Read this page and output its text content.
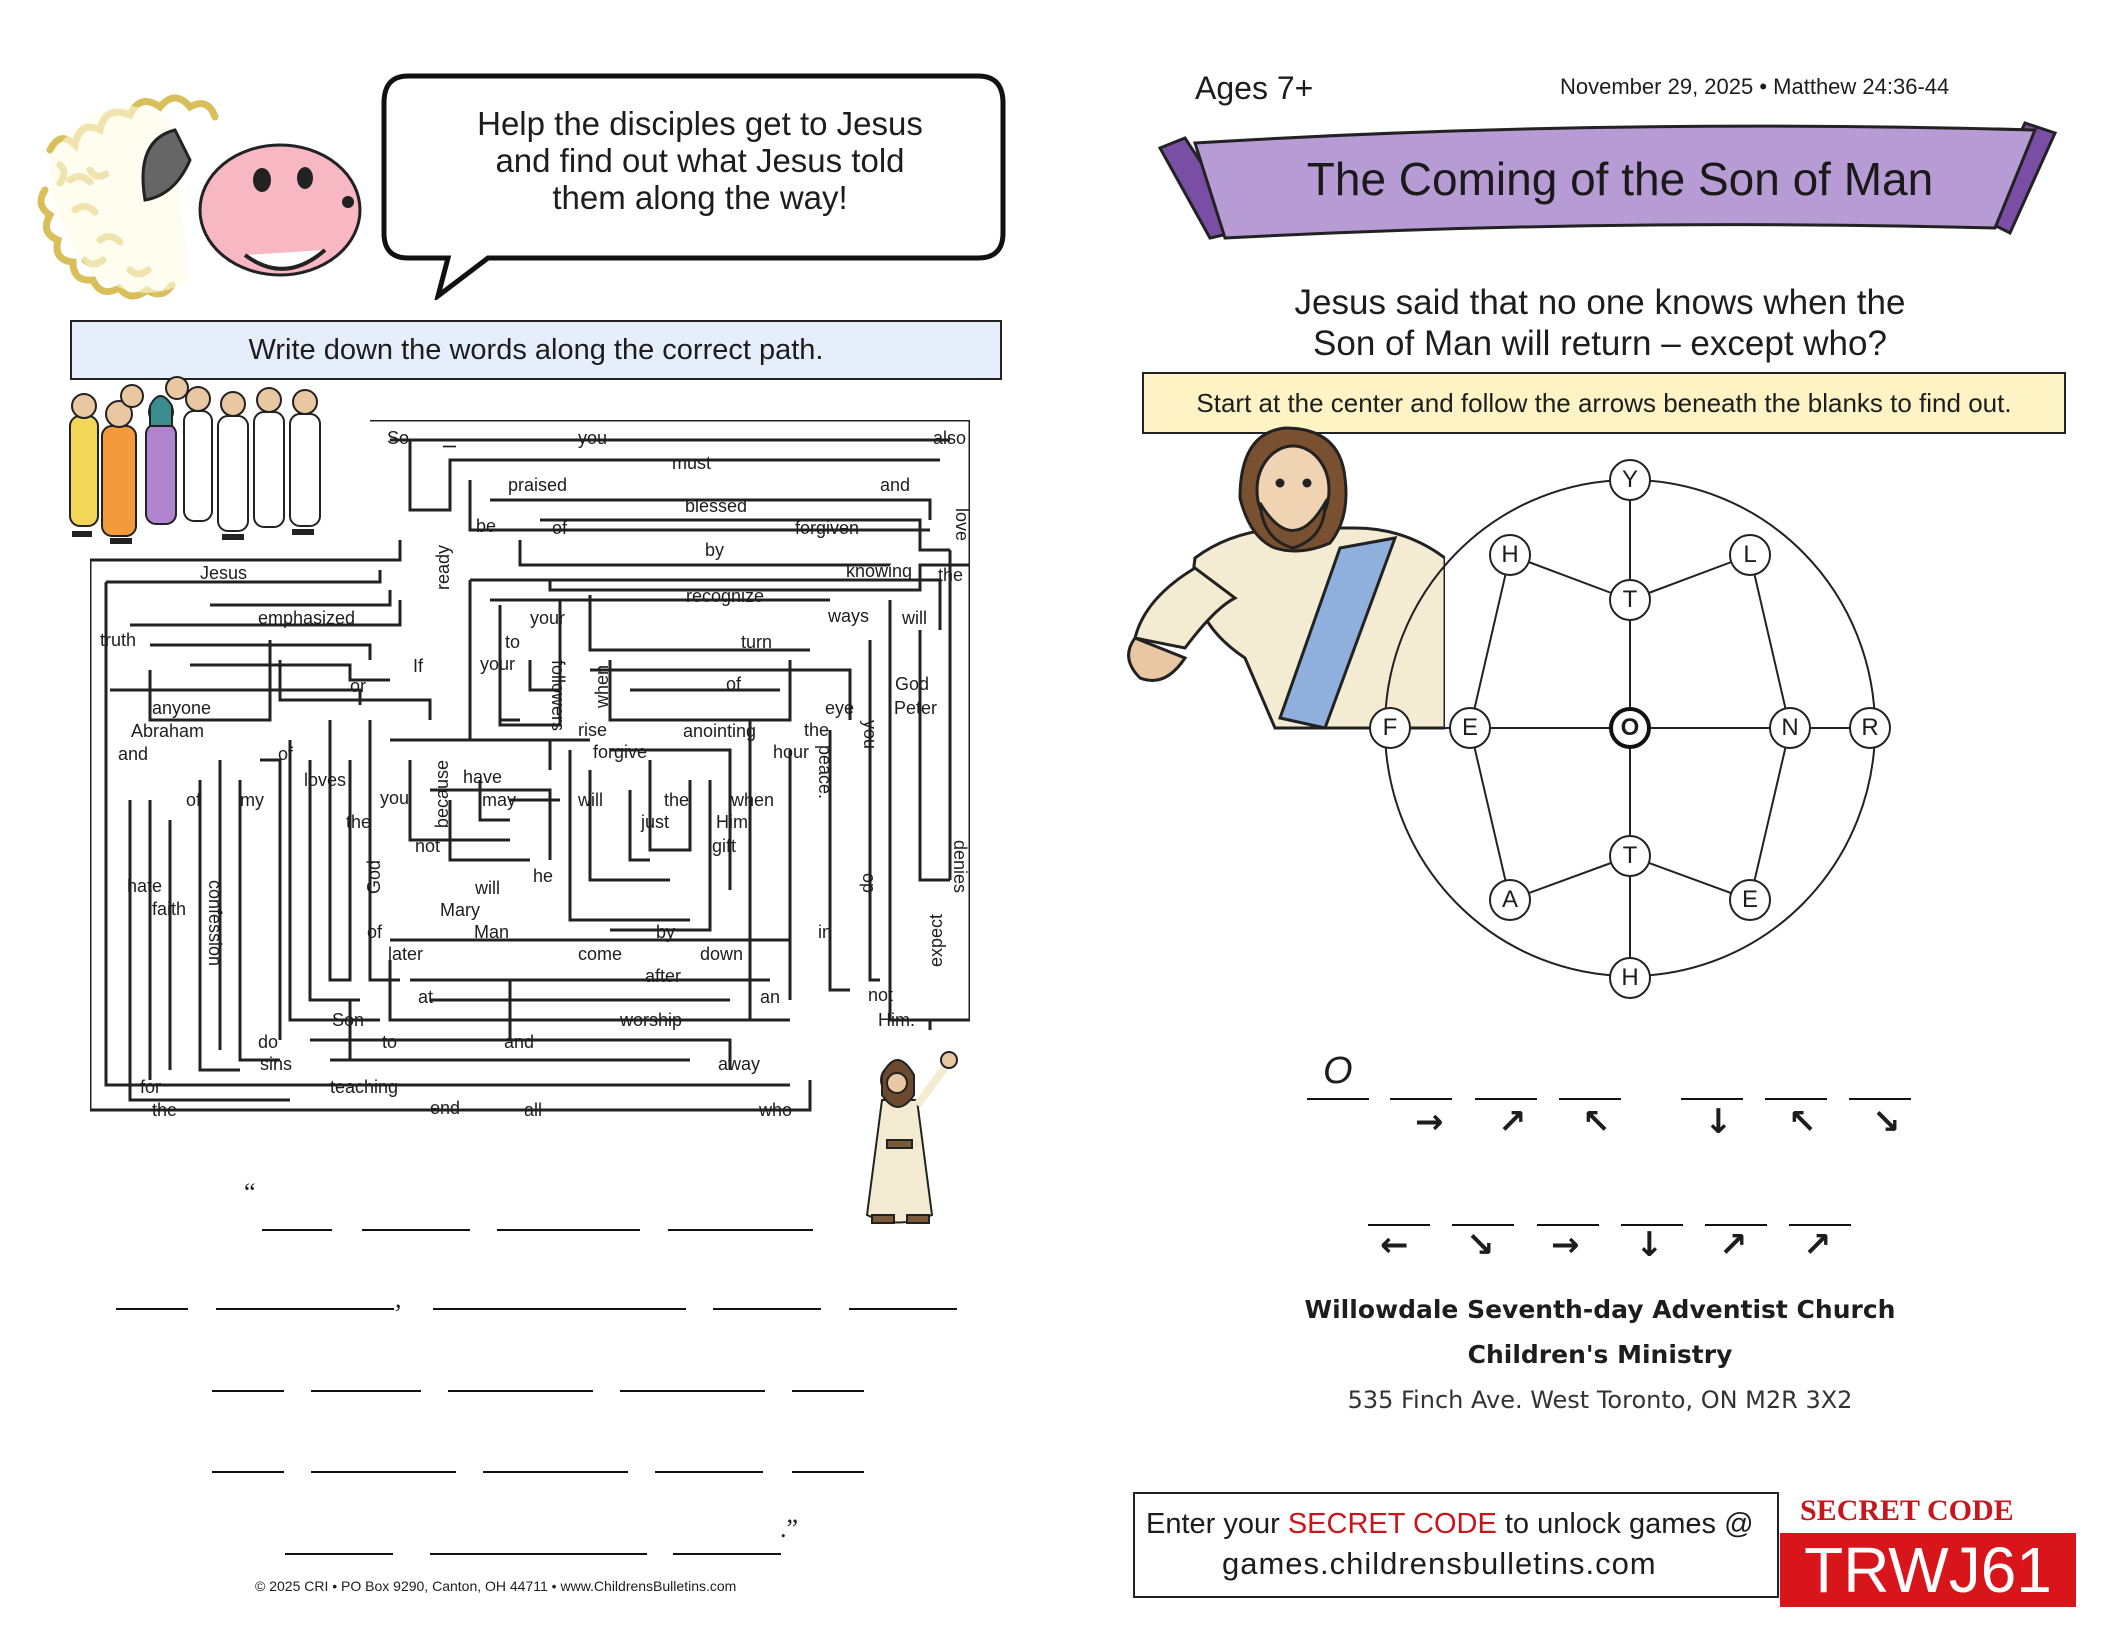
Help the disciples get to Jesus
and find out what Jesus told
them along the way!
Write down the words along the correct path.
So I	you	also
must
praised	and
be
blessed
love
of	forgiven
by
ready
Jesus	knowing the
recognize
emphasized	your	ways will
truth	to	turn
If	your followers when	of	God
or
anyone	eye Peter
Abraham	rise	anointing	the you
and	of	forgive	hour
because	peace.
loves	have
of my	you	may	will	the when
the	just	Him
not	gift	denies
God	he
hate	will	do
confession
faith	Mary
expect
of	Man	by	in
later	come	down
after
at	an	not
Son	worship	Him.
do	to	and
sins	away
for	teaching
the	end	all	who
“
,
.”
© 2025 CRI • PO Box 9290, Canton, OH 44711 • www.ChildrensBulletins.com
Ages 7+	November 29, 2025 • Matthew 24:36-44
The Coming of the Son of Man
Jesus said that no one knows when the
Son of Man will return – except who?
Start at the center and follow the arrows beneath the blanks to find out.
Y
H	L
T
F	E	O	N	R
T
A	E
H
O
→ ↗ ↖	↓ ↖ ↘
← ↘ → ↓ ↗ ↗
Willowdale Seventh-day Adventist Church
Children's Ministry
535 Finch Ave. West Toronto, ON M2R 3X2
Enter your SECRET CODE to unlock games @
games.childrensbulletins.com
SECRET CODE
TRWJ61
